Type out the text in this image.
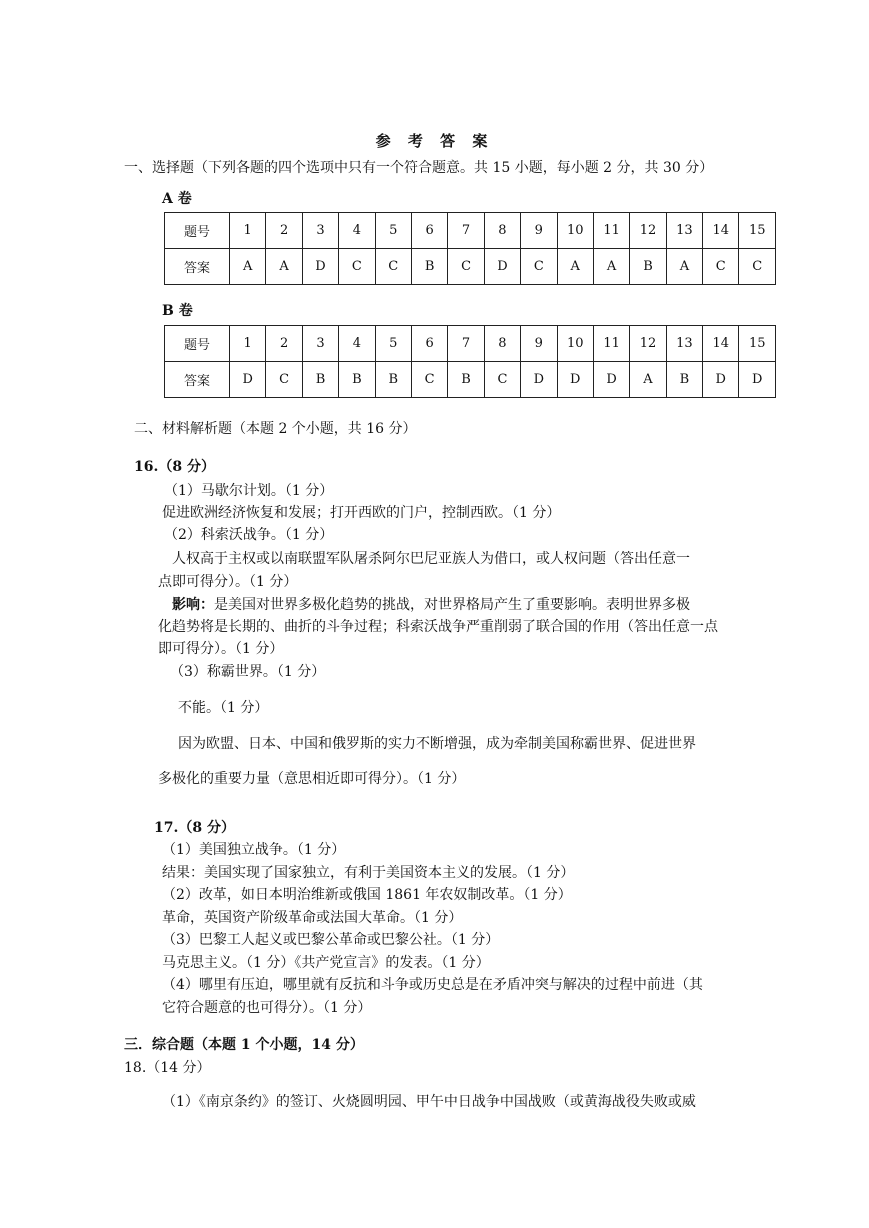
参 考 答 案
一、选择题（下列各题的四个选项中只有一个符合题意。共 15 小题，每小题 2 分，共 30 分）
A 卷
题号	1	2	3	4	5	6	7	8	9	10	11	12	13	14	15
答案	A	A	D	C	C	B	C	D	C	A	A	B	A	C	C
B 卷
题号	1	2	3	4	5	6	7	8	9	10	11	12	13	14	15
答案	D	C	B	B	B	C	B	C	D	D	D	A	B	D	D
二、材料解析题（本题 2 个小题，共 16 分）
16.（8 分）
（1）马歇尔计划。（1 分）
促进欧洲经济恢复和发展；打开西欧的门户，控制西欧。（1 分）
（2）科索沃战争。（1 分）
人权高于主权或以南联盟军队屠杀阿尔巴尼亚族人为借口，或人权问题（答出任意一
点即可得分）。（1 分）
影响：是美国对世界多极化趋势的挑战，对世界格局产生了重要影响。表明世界多极
化趋势将是长期的、曲折的斗争过程；科索沃战争严重削弱了联合国的作用（答出任意一点
即可得分）。（1 分）
（3）称霸世界。（1 分）
不能。（1 分）
因为欧盟、日本、中国和俄罗斯的实力不断增强，成为牵制美国称霸世界、促进世界
多极化的重要力量（意思相近即可得分）。（1 分）
17.（8 分）
（1）美国独立战争。（1 分）
结果：美国实现了国家独立，有利于美国资本主义的发展。（1 分）
（2）改革，如日本明治维新或俄国 1861 年农奴制改革。（1 分）
革命，英国资产阶级革命或法国大革命。（1 分）
（3）巴黎工人起义或巴黎公革命或巴黎公社。（1 分）
马克思主义。（1 分）《共产党宣言》的发表。（1 分）
（4）哪里有压迫，哪里就有反抗和斗争或历史总是在矛盾冲突与解决的过程中前进（其
它符合题意的也可得分）。（1 分）
三．综合题（本题 1 个小题，14 分）
18.（14 分）
（1）《南京条约》的签订、火烧圆明园、甲午中日战争中国战败（或黄海战役失败或威
